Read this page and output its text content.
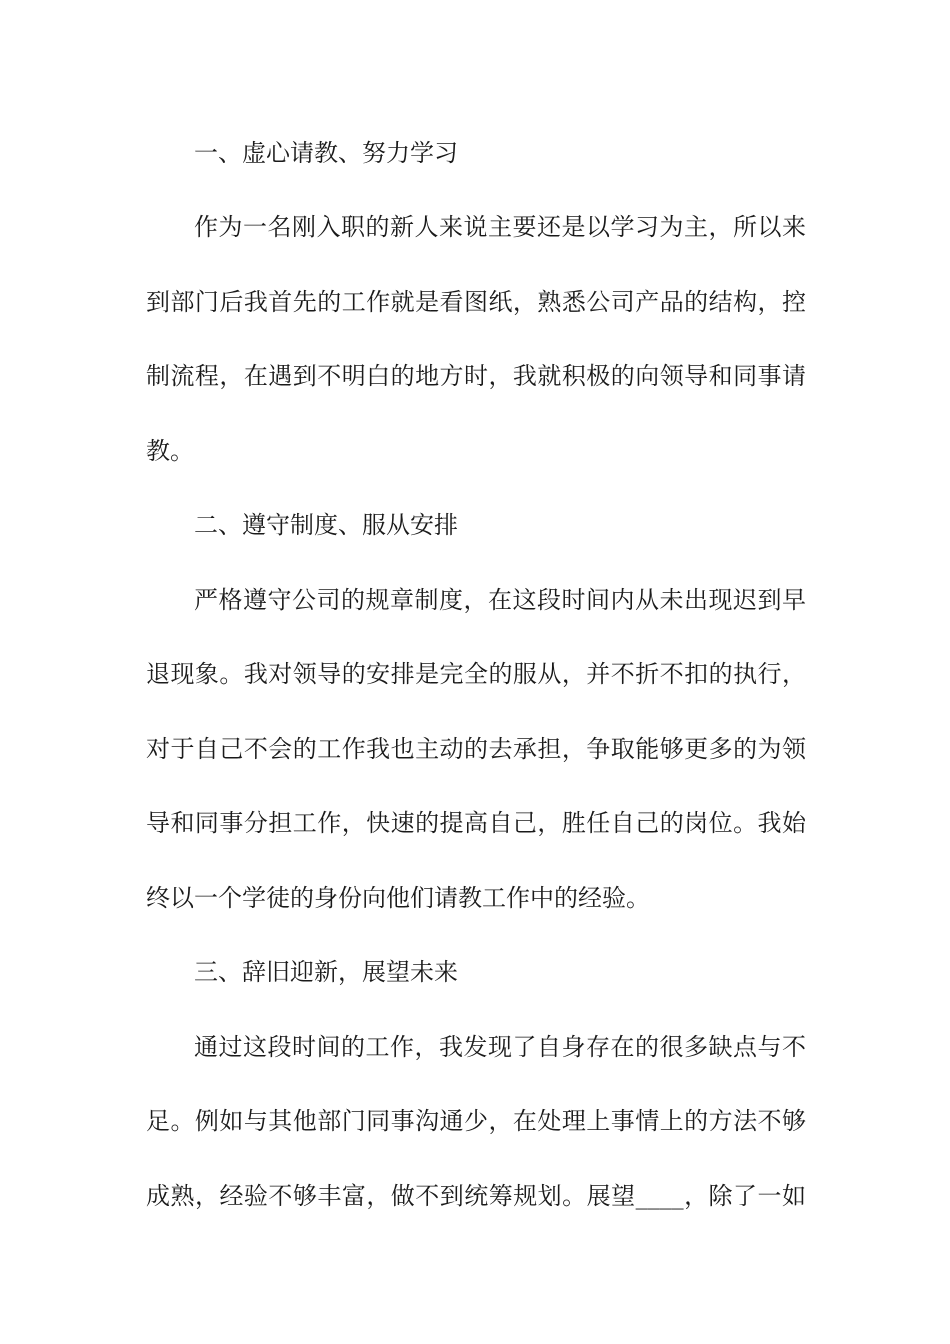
一、虚心请教、努力学习
作为一名刚入职的新人来说主要还是以学习为主，所以来
到部门后我首先的工作就是看图纸，熟悉公司产品的结构，控
制流程，在遇到不明白的地方时，我就积极的向领导和同事请
教。
二、遵守制度、服从安排
严格遵守公司的规章制度，在这段时间内从未出现迟到早
退现象。我对领导的安排是完全的服从，并不折不扣的执行，
对于自己不会的工作我也主动的去承担，争取能够更多的为领
导和同事分担工作，快速的提高自己，胜任自己的岗位。我始
终以一个学徒的身份向他们请教工作中的经验。
三、辞旧迎新，展望未来
通过这段时间的工作，我发现了自身存在的很多缺点与不
足。例如与其他部门同事沟通少，在处理上事情上的方法不够
成熟，经验不够丰富，做不到统筹规划。展望____，除了一如
